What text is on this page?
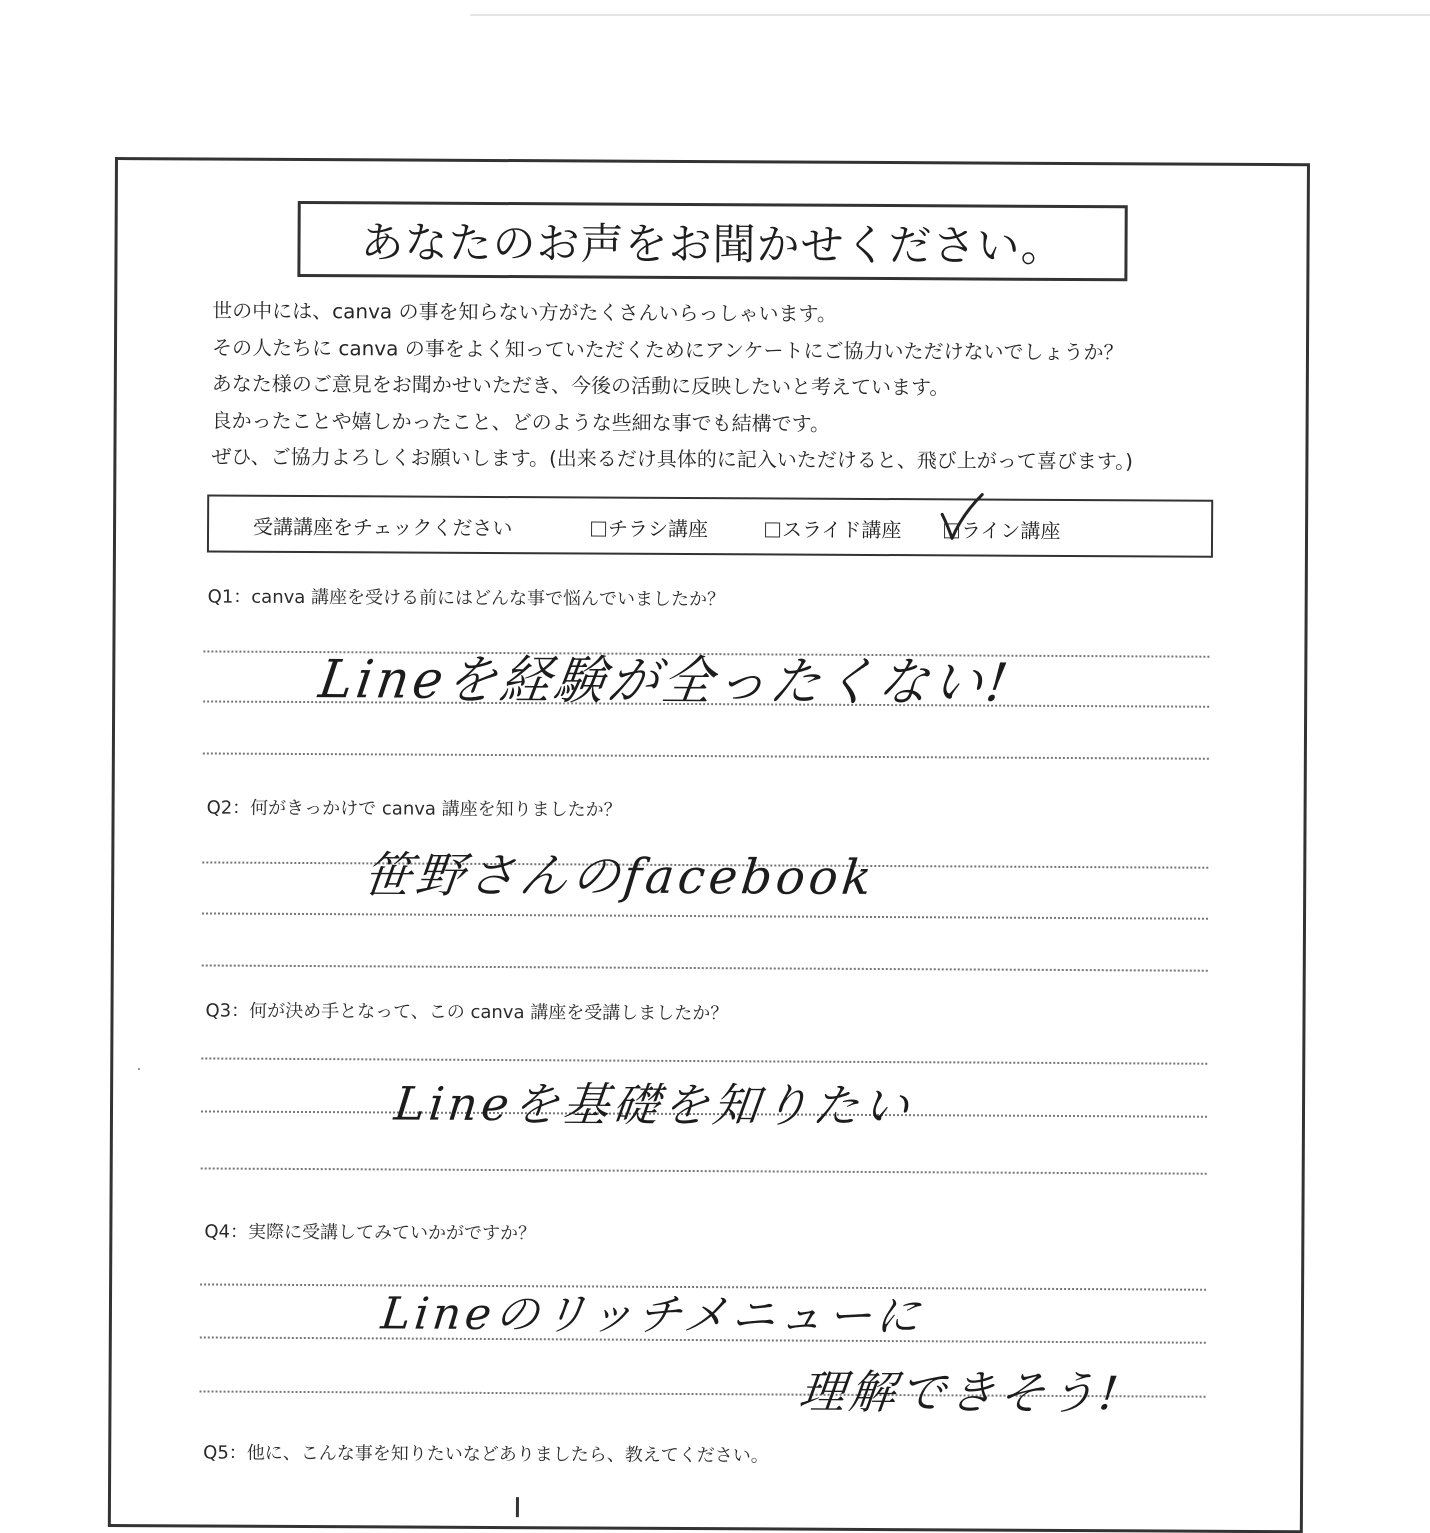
あなたのお声をお聞かせください。
世の中には、canva の事を知らない方がたくさんいらっしゃいます。
その人たちに canva の事をよく知っていただくためにアンケートにご協力いただけないでしょうか？
あなた様のご意見をお聞かせいただき、今後の活動に反映したいと考えています。
良かったことや嬉しかったこと、どのような些細な事でも結構です。
ぜひ、ご協力よろしくお願いします。(出来るだけ具体的に記入いただけると、飛び上がって喜びます。)
受講講座をチェックください	チラシ講座	スライド講座	ライン講座
Q1：canva 講座を受ける前にはどんな事で悩んでいましたか？
Lineを経験が全ったくない!
Q2：何がきっかけで canva 講座を知りましたか？
笹野さんのfacebook
Q3：何が決め手となって、この canva 講座を受講しましたか？
Lineを基礎を知りたい
Q4：実際に受講してみていかがですか？
Lineのリッチメニューに
理解できそう!
Q5：他に、こんな事を知りたいなどありましたら、教えてください。
